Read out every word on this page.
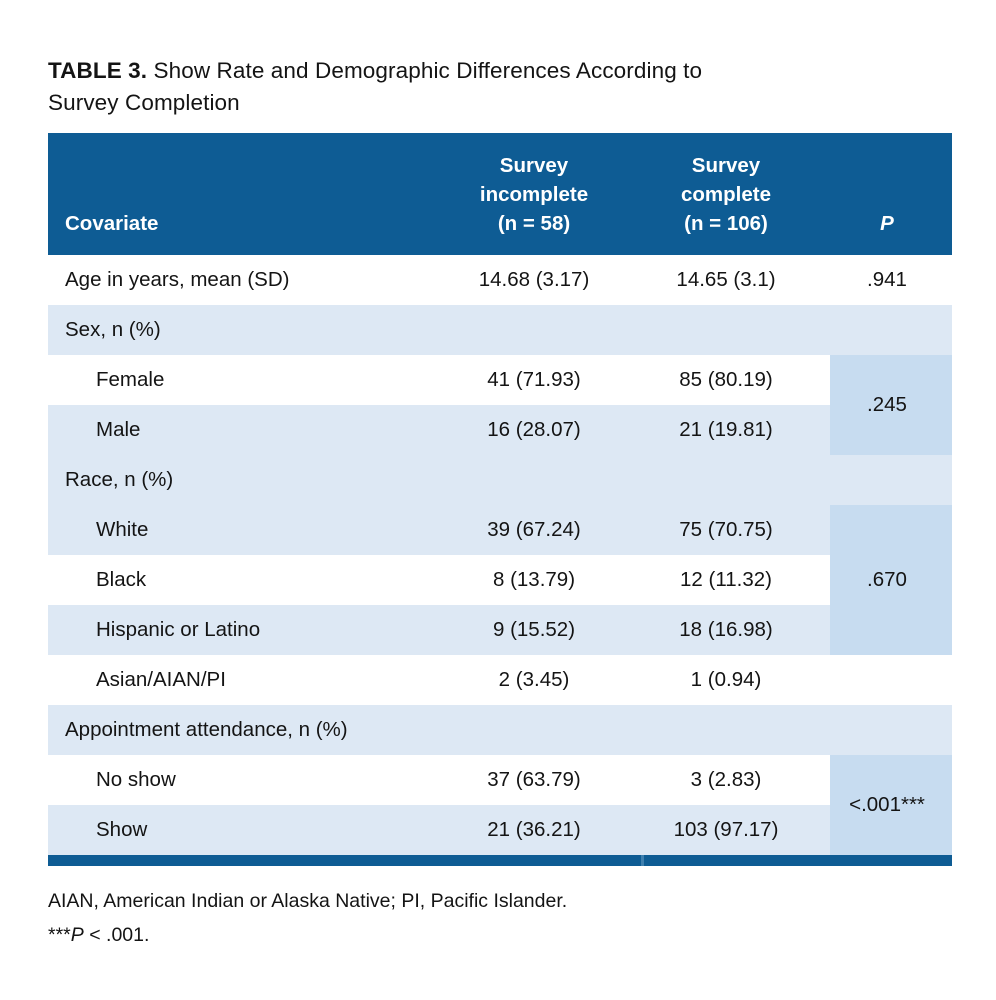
TABLE 3. Show Rate and Demographic Differences According to Survey Completion

Covariate	Survey
incomplete
(n = 58)	Survey
complete
(n = 106)	P

Age in years, mean (SD)	14.68 (3.17)	14.65 (3.1)	.941
Sex, n (%)			
Female	41 (71.93)	85 (80.19)	.245
Male	16 (28.07)	21 (19.81)	
Race, n (%)			
White	39 (67.24)	75 (70.75)	.670
Black	8 (13.79)	12 (11.32)	
Hispanic or Latino	9 (15.52)	18 (16.98)	
Asian/AIAN/PI	2 (3.45)	1 (0.94)	
Appointment attendance, n (%)			
No show	37 (63.79)	3 (2.83)	<.001***
Show	21 (36.21)	103 (97.17)	
AIAN, American Indian or Alaska Native; PI, Pacific Islander.
***P < .001.
